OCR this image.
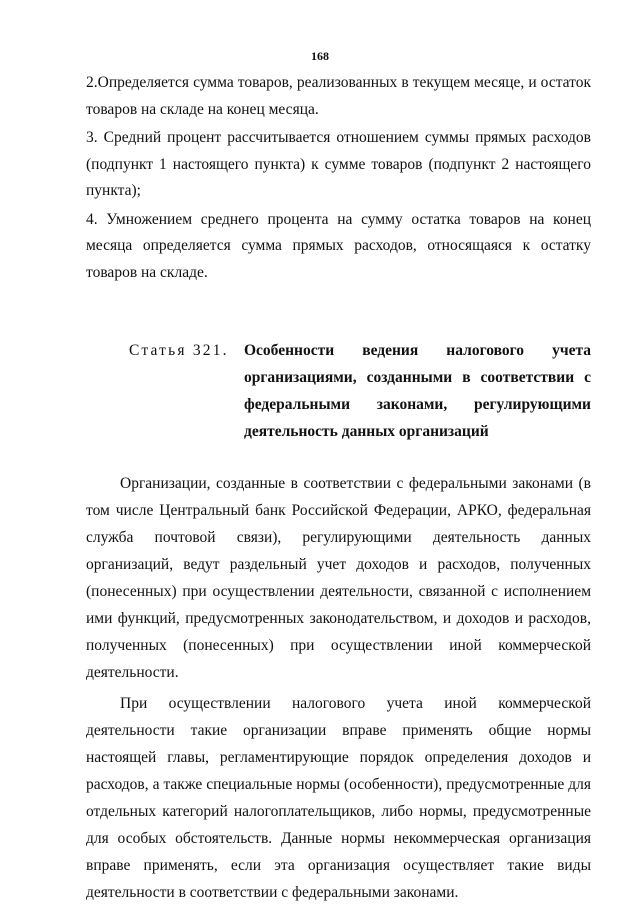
168

2.Определяется сумма товаров, реализованных в текущем месяце, и остаток товаров на складе на конец месяца.

3. Средний процент рассчитывается отношением суммы прямых расходов (подпункт 1 настоящего пункта) к сумме товаров (подпункт 2 настоящего пункта);

4. Умножением среднего процента на сумму остатка товаров на конец месяца определяется сумма прямых расходов, относящаяся к остатку товаров на складе.

Статья 321. Особенности ведения налогового учета организациями, созданными в соответствии с федеральными законами, регулирующими деятельность данных организаций

Организации, созданные в соответствии с федеральными законами (в том числе Центральный банк Российской Федерации, АРКО, федеральная служба почтовой связи), регулирующими деятельность данных организаций, ведут раздельный учет доходов и расходов, полученных (понесенных) при осуществлении деятельности, связанной с исполнением ими функций, предусмотренных законодательством, и доходов и расходов, полученных (понесенных) при осуществлении иной коммерческой деятельности.

При осуществлении налогового учета иной коммерческой деятельности такие организации вправе применять общие нормы настоящей главы, регламентирующие порядок определения доходов и расходов, а также специальные нормы (особенности), предусмотренные для отдельных категорий налогоплательщиков, либо нормы, предусмотренные для особых обстоятельств. Данные нормы некоммерческая организация вправе применять, если эта организация осуществляет такие виды деятельности в соответствии с федеральными законами.
